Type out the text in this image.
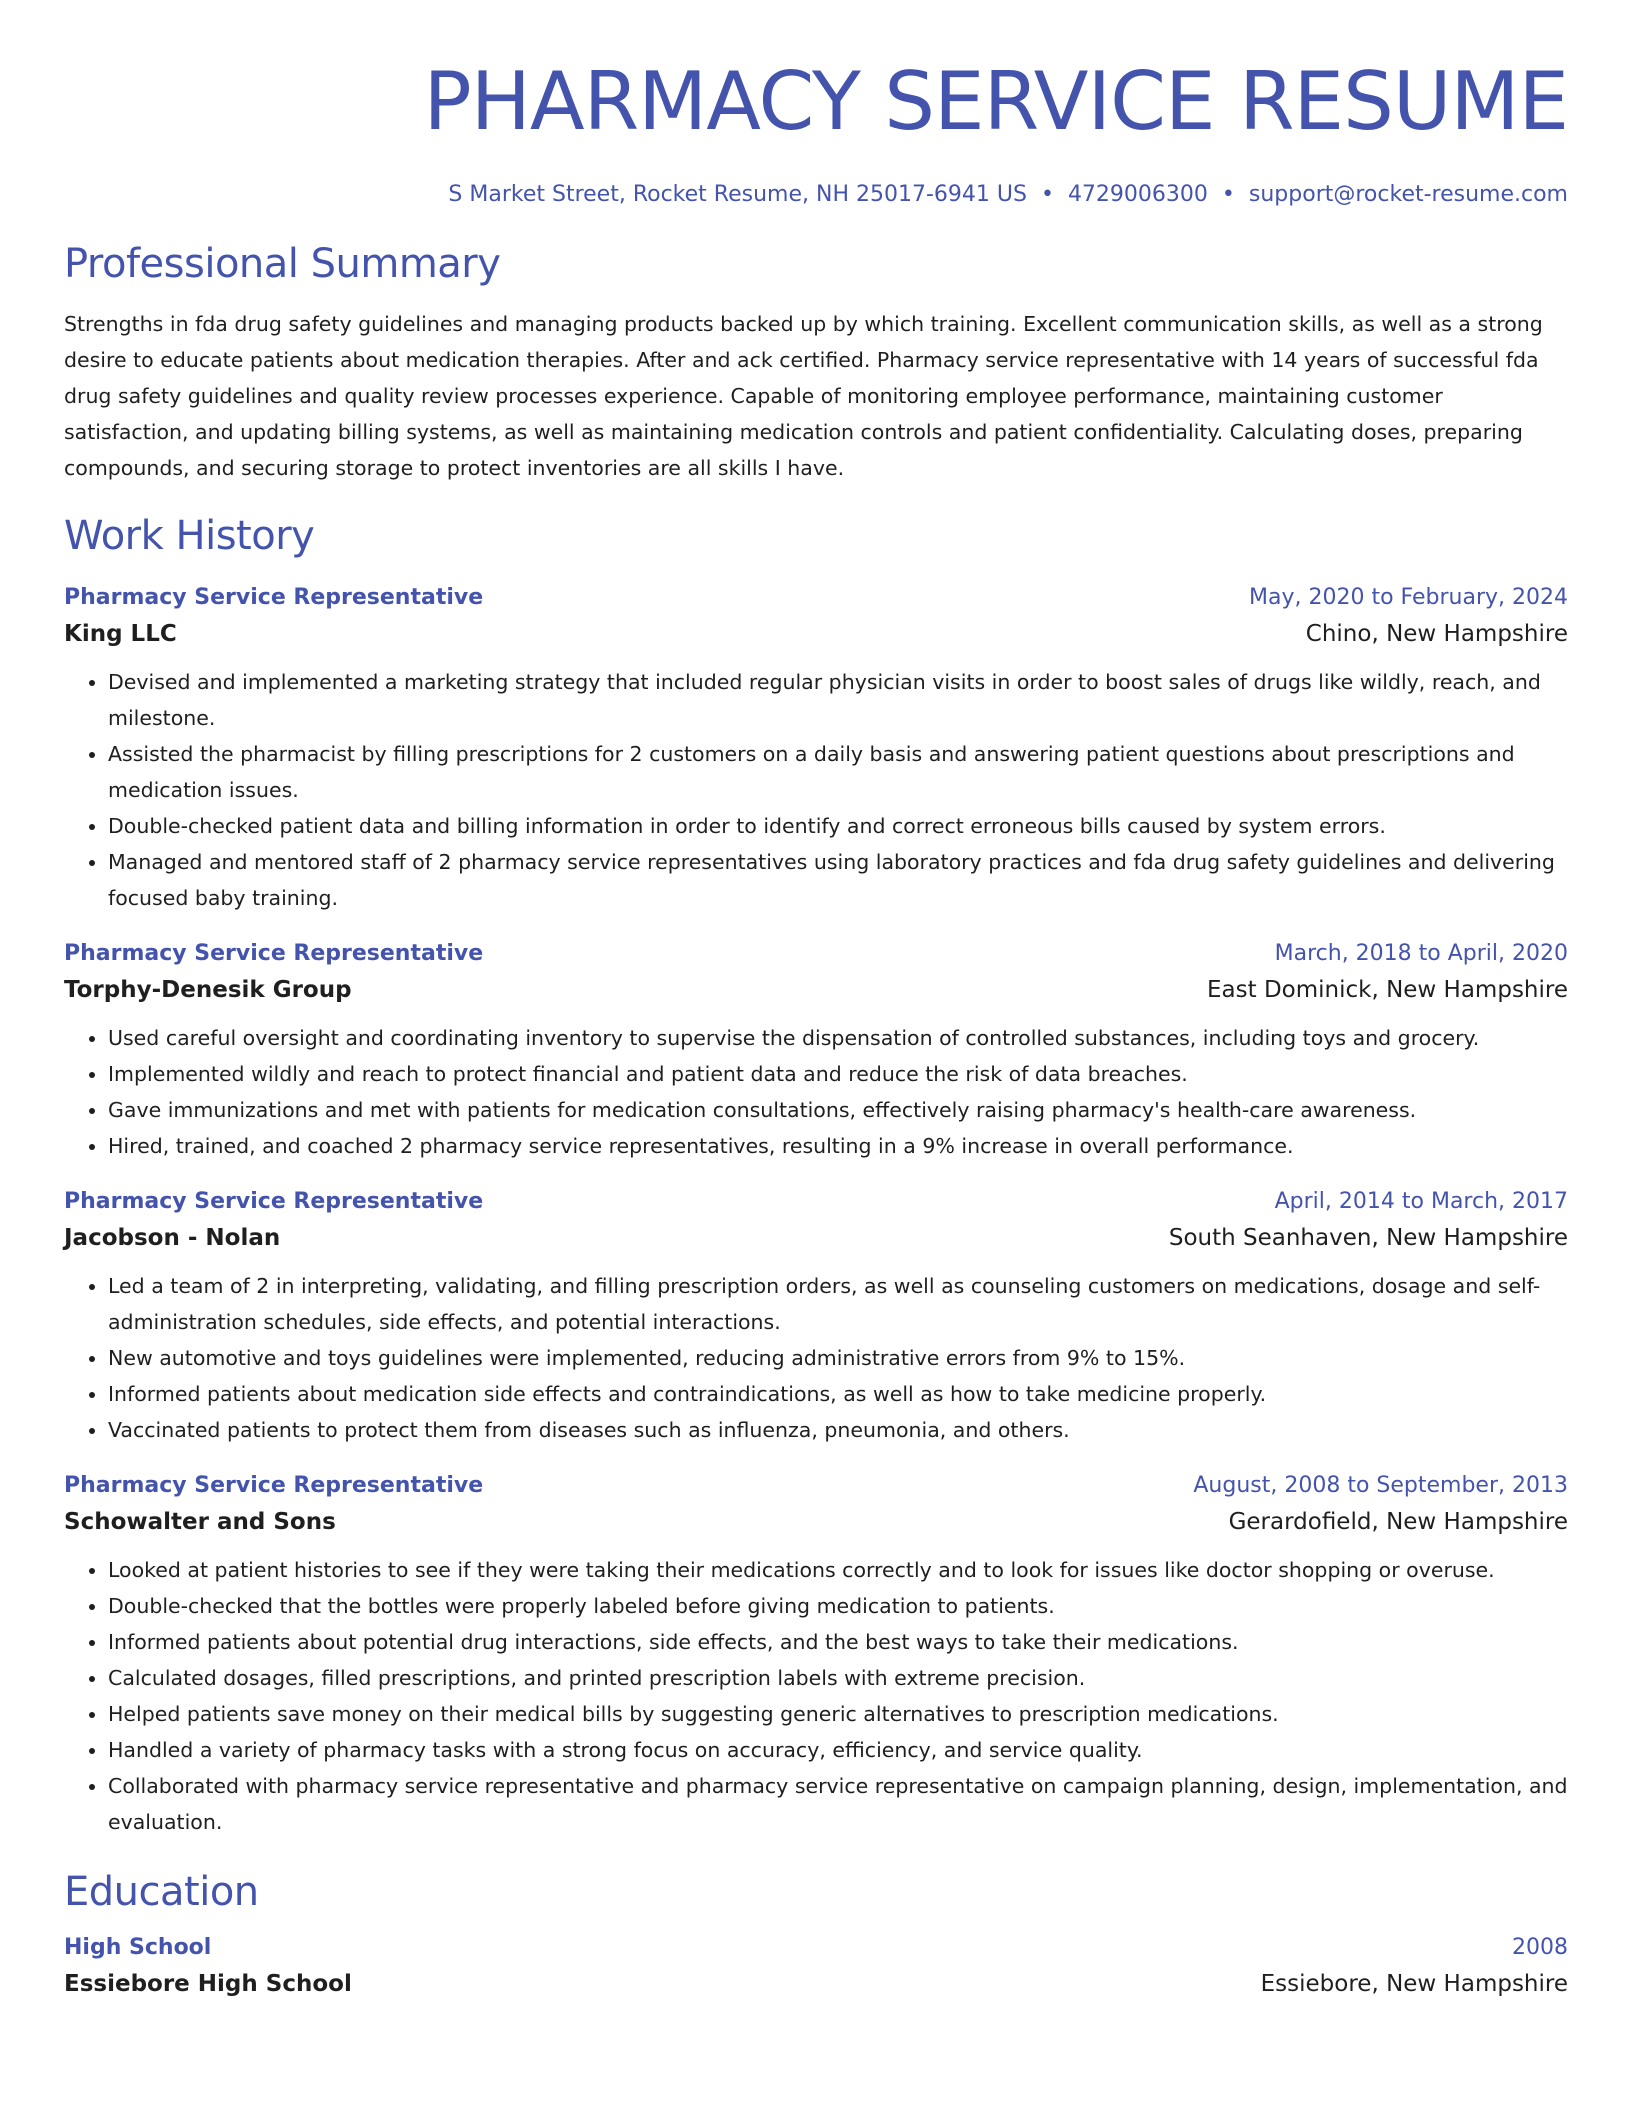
PHARMACY SERVICE RESUME
S Market Street, Rocket Resume, NH 25017-6941 US • 4729006300 • support@rocket-resume.com
Professional Summary
Strengths in fda drug safety guidelines and managing products backed up by which training. Excellent communication skills, as well as a strong desire to educate patients about medication therapies. After and ack certified. Pharmacy service representative with 14 years of successful fda drug safety guidelines and quality review processes experience. Capable of monitoring employee performance, maintaining customer satisfaction, and updating billing systems, as well as maintaining medication controls and patient confidentiality. Calculating doses, preparing compounds, and securing storage to protect inventories are all skills I have.
Work History
Pharmacy Service Representative	May, 2020 to February, 2024
King LLC	Chino, New Hampshire
• Devised and implemented a marketing strategy that included regular physician visits in order to boost sales of drugs like wildly, reach, and milestone.
• Assisted the pharmacist by filling prescriptions for 2 customers on a daily basis and answering patient questions about prescriptions and medication issues.
• Double-checked patient data and billing information in order to identify and correct erroneous bills caused by system errors.
• Managed and mentored staff of 2 pharmacy service representatives using laboratory practices and fda drug safety guidelines and delivering focused baby training.
Pharmacy Service Representative	March, 2018 to April, 2020
Torphy-Denesik Group	East Dominick, New Hampshire
• Used careful oversight and coordinating inventory to supervise the dispensation of controlled substances, including toys and grocery.
• Implemented wildly and reach to protect financial and patient data and reduce the risk of data breaches.
• Gave immunizations and met with patients for medication consultations, effectively raising pharmacy's health-care awareness.
• Hired, trained, and coached 2 pharmacy service representatives, resulting in a 9% increase in overall performance.
Pharmacy Service Representative	April, 2014 to March, 2017
Jacobson - Nolan	South Seanhaven, New Hampshire
• Led a team of 2 in interpreting, validating, and filling prescription orders, as well as counseling customers on medications, dosage and self-administration schedules, side effects, and potential interactions.
• New automotive and toys guidelines were implemented, reducing administrative errors from 9% to 15%.
• Informed patients about medication side effects and contraindications, as well as how to take medicine properly.
• Vaccinated patients to protect them from diseases such as influenza, pneumonia, and others.
Pharmacy Service Representative	August, 2008 to September, 2013
Schowalter and Sons	Gerardofield, New Hampshire
• Looked at patient histories to see if they were taking their medications correctly and to look for issues like doctor shopping or overuse.
• Double-checked that the bottles were properly labeled before giving medication to patients.
• Informed patients about potential drug interactions, side effects, and the best ways to take their medications.
• Calculated dosages, filled prescriptions, and printed prescription labels with extreme precision.
• Helped patients save money on their medical bills by suggesting generic alternatives to prescription medications.
• Handled a variety of pharmacy tasks with a strong focus on accuracy, efficiency, and service quality.
• Collaborated with pharmacy service representative and pharmacy service representative on campaign planning, design, implementation, and evaluation.
Education
High School	2008
Essiebore High School	Essiebore, New Hampshire
